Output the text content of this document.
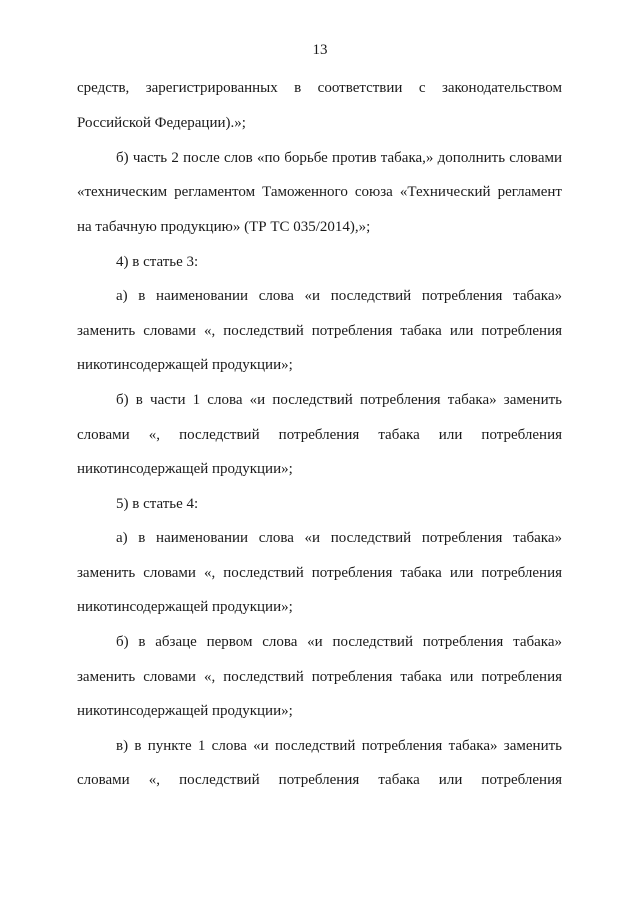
13
средств, зарегистрированных в соответствии с законодательством
Российской Федерации).»;
б) часть 2 после слов «по борьбе против табака,» дополнить словами
«техническим регламентом Таможенного союза «Технический регламент
на табачную продукцию» (ТР ТС 035/2014),»;
4) в статье 3:
а) в наименовании слова «и последствий потребления табака»
заменить словами «, последствий потребления табака или потребления
никотинсодержащей продукции»;
б) в части 1 слова «и последствий потребления табака» заменить
словами «, последствий потребления табака или потребления
никотинсодержащей продукции»;
5) в статье 4:
а) в наименовании слова «и последствий потребления табака»
заменить словами «, последствий потребления табака или потребления
никотинсодержащей продукции»;
б) в абзаце первом слова «и последствий потребления табака»
заменить словами «, последствий потребления табака или потребления
никотинсодержащей продукции»;
в) в пункте 1 слова «и последствий потребления табака» заменить
словами «, последствий потребления табака или потребления
